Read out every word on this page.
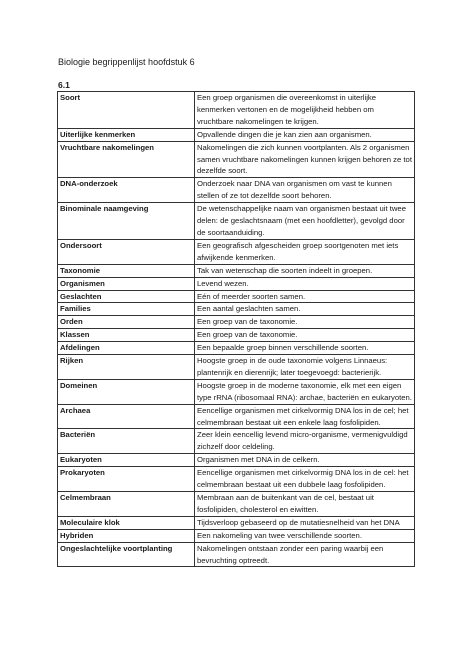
Biologie begrippenlijst hoofdstuk 6
6.1
Soort	Een groep organismen die overeenkomst in uiterlijke kenmerken vertonen en de mogelijkheid hebben om vruchtbare nakomelingen te krijgen.
Uiterlijke kenmerken	Opvallende dingen die je kan zien aan organismen.
Vruchtbare nakomelingen	Nakomelingen die zich kunnen voortplanten. Als 2 organismen samen vruchtbare nakomelingen kunnen krijgen behoren ze tot dezelfde soort.
DNA-onderzoek	Onderzoek naar DNA van organismen om vast te kunnen stellen of ze tot dezelfde soort behoren.
Binominale naamgeving	De wetenschappelijke naam van organismen bestaat uit twee delen: de geslachtsnaam (met een hoofdletter), gevolgd door de soortaanduiding.
Ondersoort	Een geografisch afgescheiden groep soortgenoten met iets afwijkende kenmerken.
Taxonomie	Tak van wetenschap die soorten indeelt in groepen.
Organismen	Levend wezen.
Geslachten	Eén of meerder soorten samen.
Families	Een aantal geslachten samen.
Orden	Een groep van de taxonomie.
Klassen	Een groep van de taxonomie.
Afdelingen	Een bepaalde groep binnen verschillende soorten.
Rijken	Hoogste groep in de oude taxonomie volgens Linnaeus: plantenrijk en dierenrijk; later toegevoegd: bacterierijk.
Domeinen	Hoogste groep in de moderne taxonomie, elk met een eigen type rRNA (ribosomaal RNA): archae, bacteriën en eukaryoten.
Archaea	Eencellige organismen met cirkelvormig DNA los in de cel; het celmembraan bestaat uit een enkele laag fosfolipiden.
Bacteriën	Zeer klein eencellig levend micro-organisme, vermenigvuldigd zichzelf door celdeling.
Eukaryoten	Organismen met DNA in de celkern.
Prokaryoten	Eencellige organismen met cirkelvormig DNA los in de cel: het celmembraan bestaat uit een dubbele laag fosfolipiden.
Celmembraan	Membraan aan de buitenkant van de cel, bestaat uit fosfolipiden, cholesterol en eiwitten.
Moleculaire klok	Tijdsverloop gebaseerd op de mutatiesnelheid van het DNA
Hybriden	Een nakomeling van twee verschillende soorten.
Ongeslachtelijke voortplanting	Nakomelingen ontstaan zonder een paring waarbij een bevruchting optreedt.
